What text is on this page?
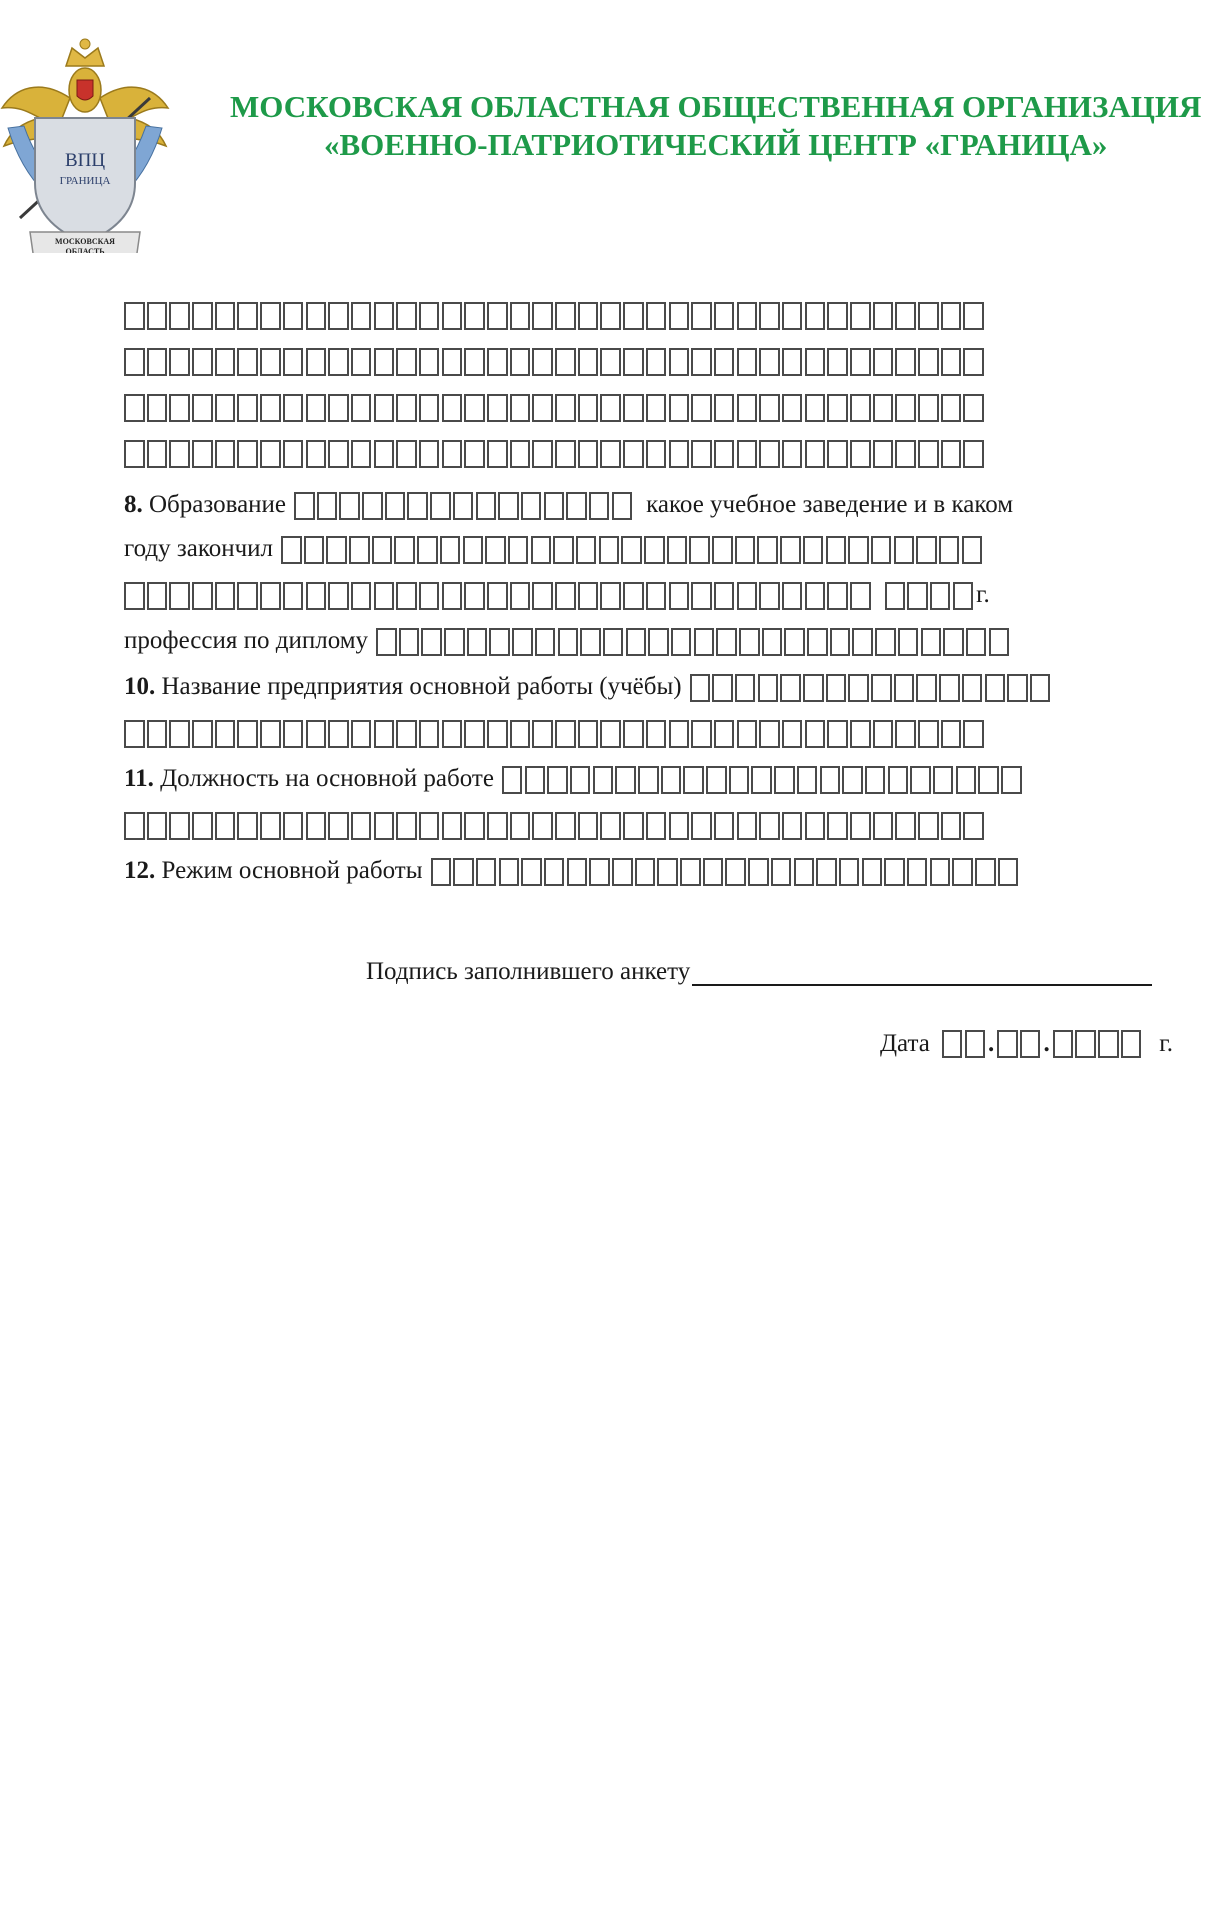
ВПЦ
ГРАНИЦА
МОСКОВСКАЯ
ОБЛАСТЬ
МОСКОВСКАЯ ОБЛАСТНАЯ ОБЩЕСТВЕННАЯ ОРГАНИЗАЦИЯ
«ВОЕННО-ПАТРИОТИЧЕСКИЙ ЦЕНТР «ГРАНИЦА»
8. Образование	какое учебное заведение и в каком
году закончил
г.
профессия по диплому
10. Название предприятия основной работы (учёбы)
11. Должность на основной работе
12. Режим основной работы
Подпись заполнившего анкету
Дата . .	г.
